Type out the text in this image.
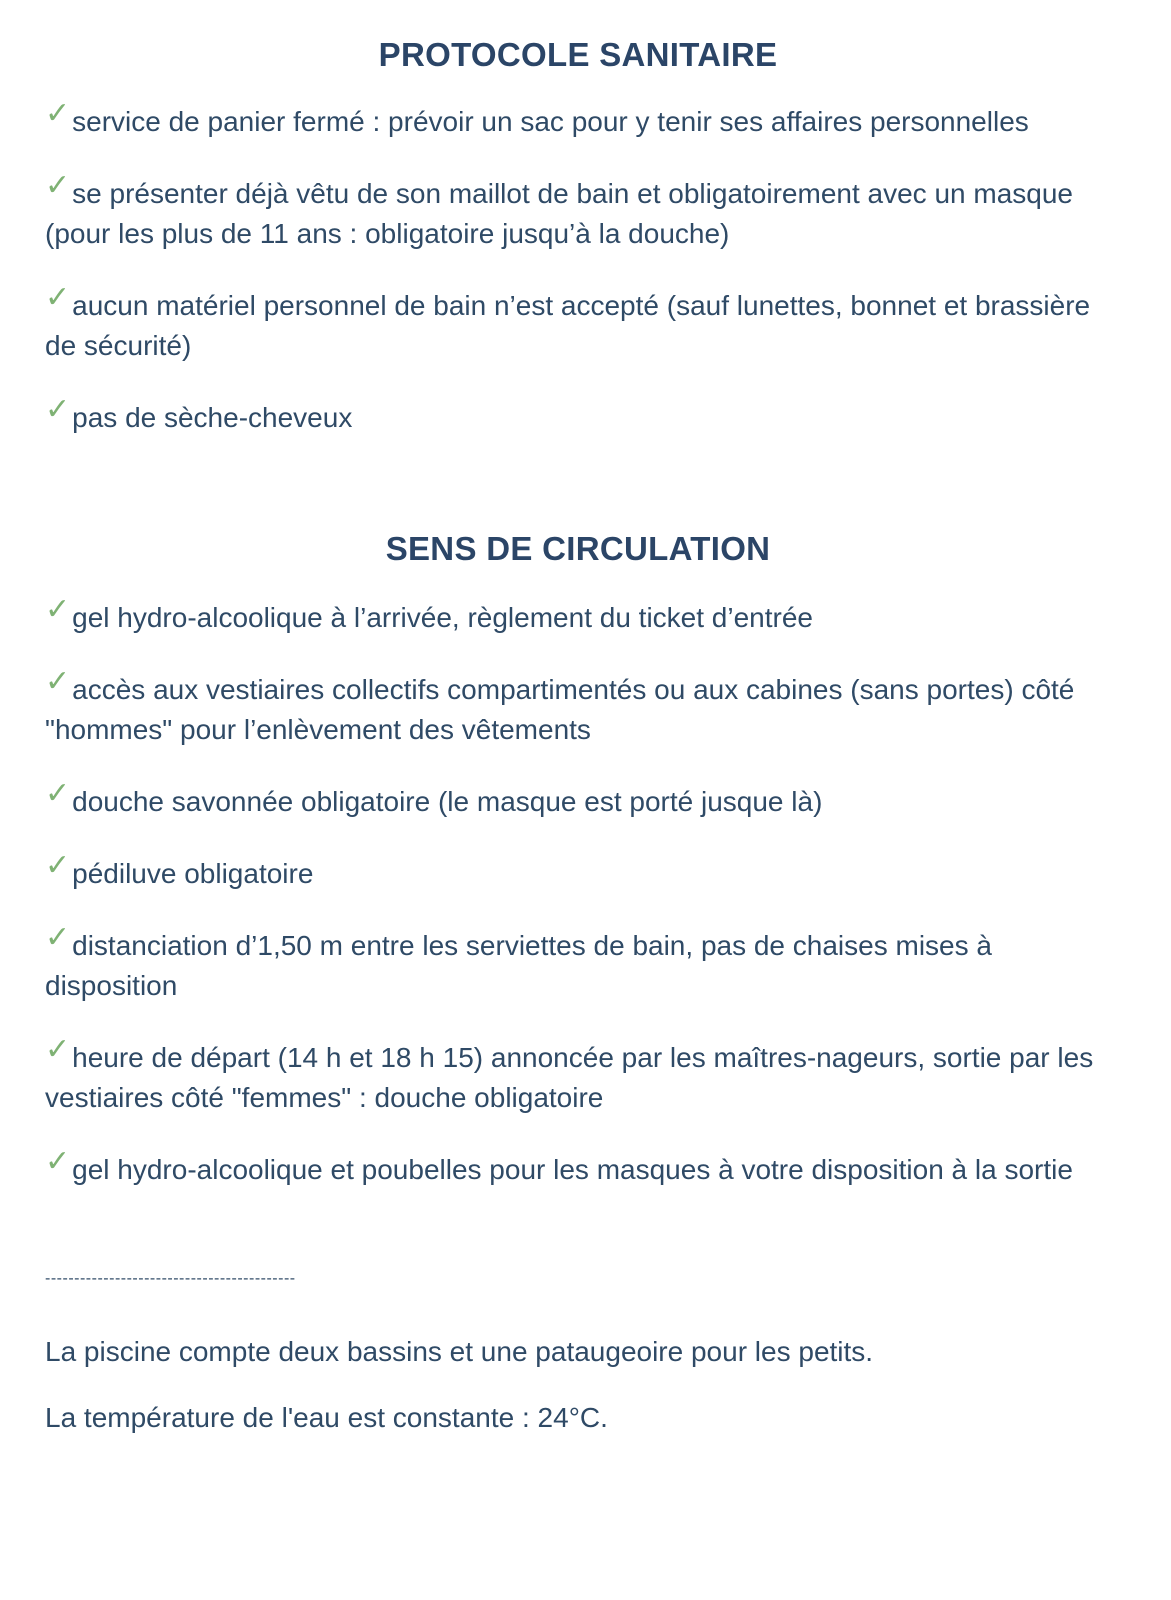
PROTOCOLE SANITAIRE

✓service de panier fermé : prévoir un sac pour y tenir ses affaires personnelles

✓se présenter déjà vêtu de son maillot de bain et obligatoirement avec un masque (pour les plus de 11 ans : obligatoire jusqu’à la douche)

✓aucun matériel personnel de bain n’est accepté (sauf lunettes, bonnet et brassière de sécurité)

✓pas de sèche-cheveux

SENS DE CIRCULATION

✓gel hydro-alcoolique à l’arrivée, règlement du ticket d’entrée

✓accès aux vestiaires collectifs compartimentés ou aux cabines (sans portes) côté "hommes" pour l’enlèvement des vêtements

✓douche savonnée obligatoire (le masque est porté jusque là)

✓pédiluve obligatoire

✓distanciation d’1,50 m entre les serviettes de bain, pas de chaises mises à disposition

✓heure de départ (14 h et 18 h 15) annoncée par les maîtres-nageurs, sortie par les vestiaires côté "femmes" : douche obligatoire

✓gel hydro-alcoolique et poubelles pour les masques à votre disposition à la sortie

-------------------------------------------

La piscine compte deux bassins et une pataugeoire pour les petits.

La température de l'eau est constante : 24°C.
